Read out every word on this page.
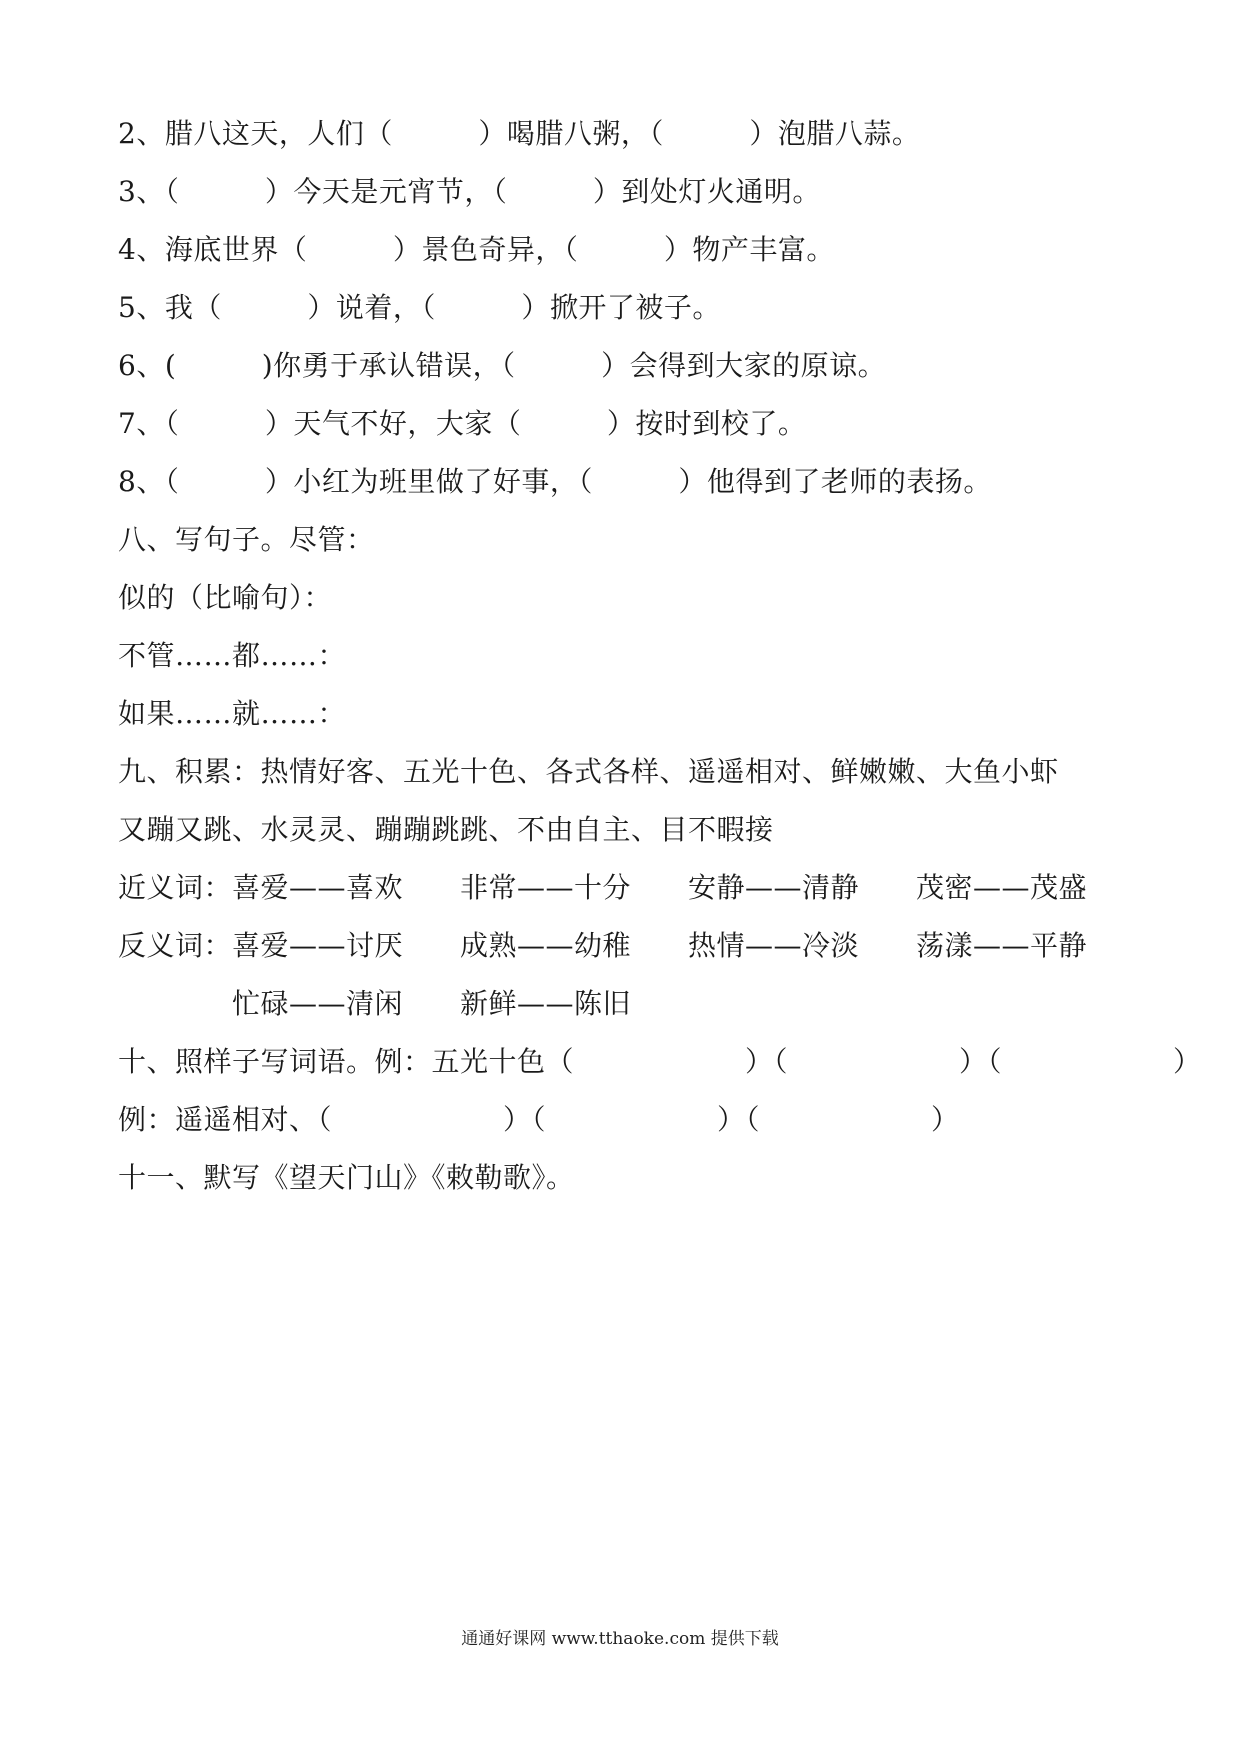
2、腊八这天，人们（　　　）喝腊八粥，（　　　）泡腊八蒜。
3、（　　　）今天是元宵节，（　　　）到处灯火通明。
4、海底世界（　　　）景色奇异，（　　　）物产丰富。
5、我（　　　）说着，（　　　）掀开了被子。
6、(　　　)你勇于承认错误，（　　　）会得到大家的原谅。
7、（　　　）天气不好，大家（　　　）按时到校了。
8、（　　　）小红为班里做了好事，（　　　）他得到了老师的表扬。
八、写句子。尽管：
似的（比喻句）：
不管……都……：
如果……就……：
九、积累：热情好客、五光十色、各式各样、遥遥相对、鲜嫩嫩、大鱼小虾
又蹦又跳、水灵灵、蹦蹦跳跳、不由自主、目不暇接
近义词：喜爱——喜欢　　非常——十分　　安静——清静　　茂密——茂盛
反义词：喜爱——讨厌　　成熟——幼稚　　热情——冷淡　　荡漾——平静
　　　　忙碌——清闲　　新鲜——陈旧
十、照样子写词语。例：五光十色（　　　　　　）（　　　　　　）（　　　　　　）
例：遥遥相对、（　　　　　　）（　　　　　　）（　　　　　　）
十一、默写《望天门山》《敕勒歌》。
通通好课网 www.tthaoke.com 提供下载
